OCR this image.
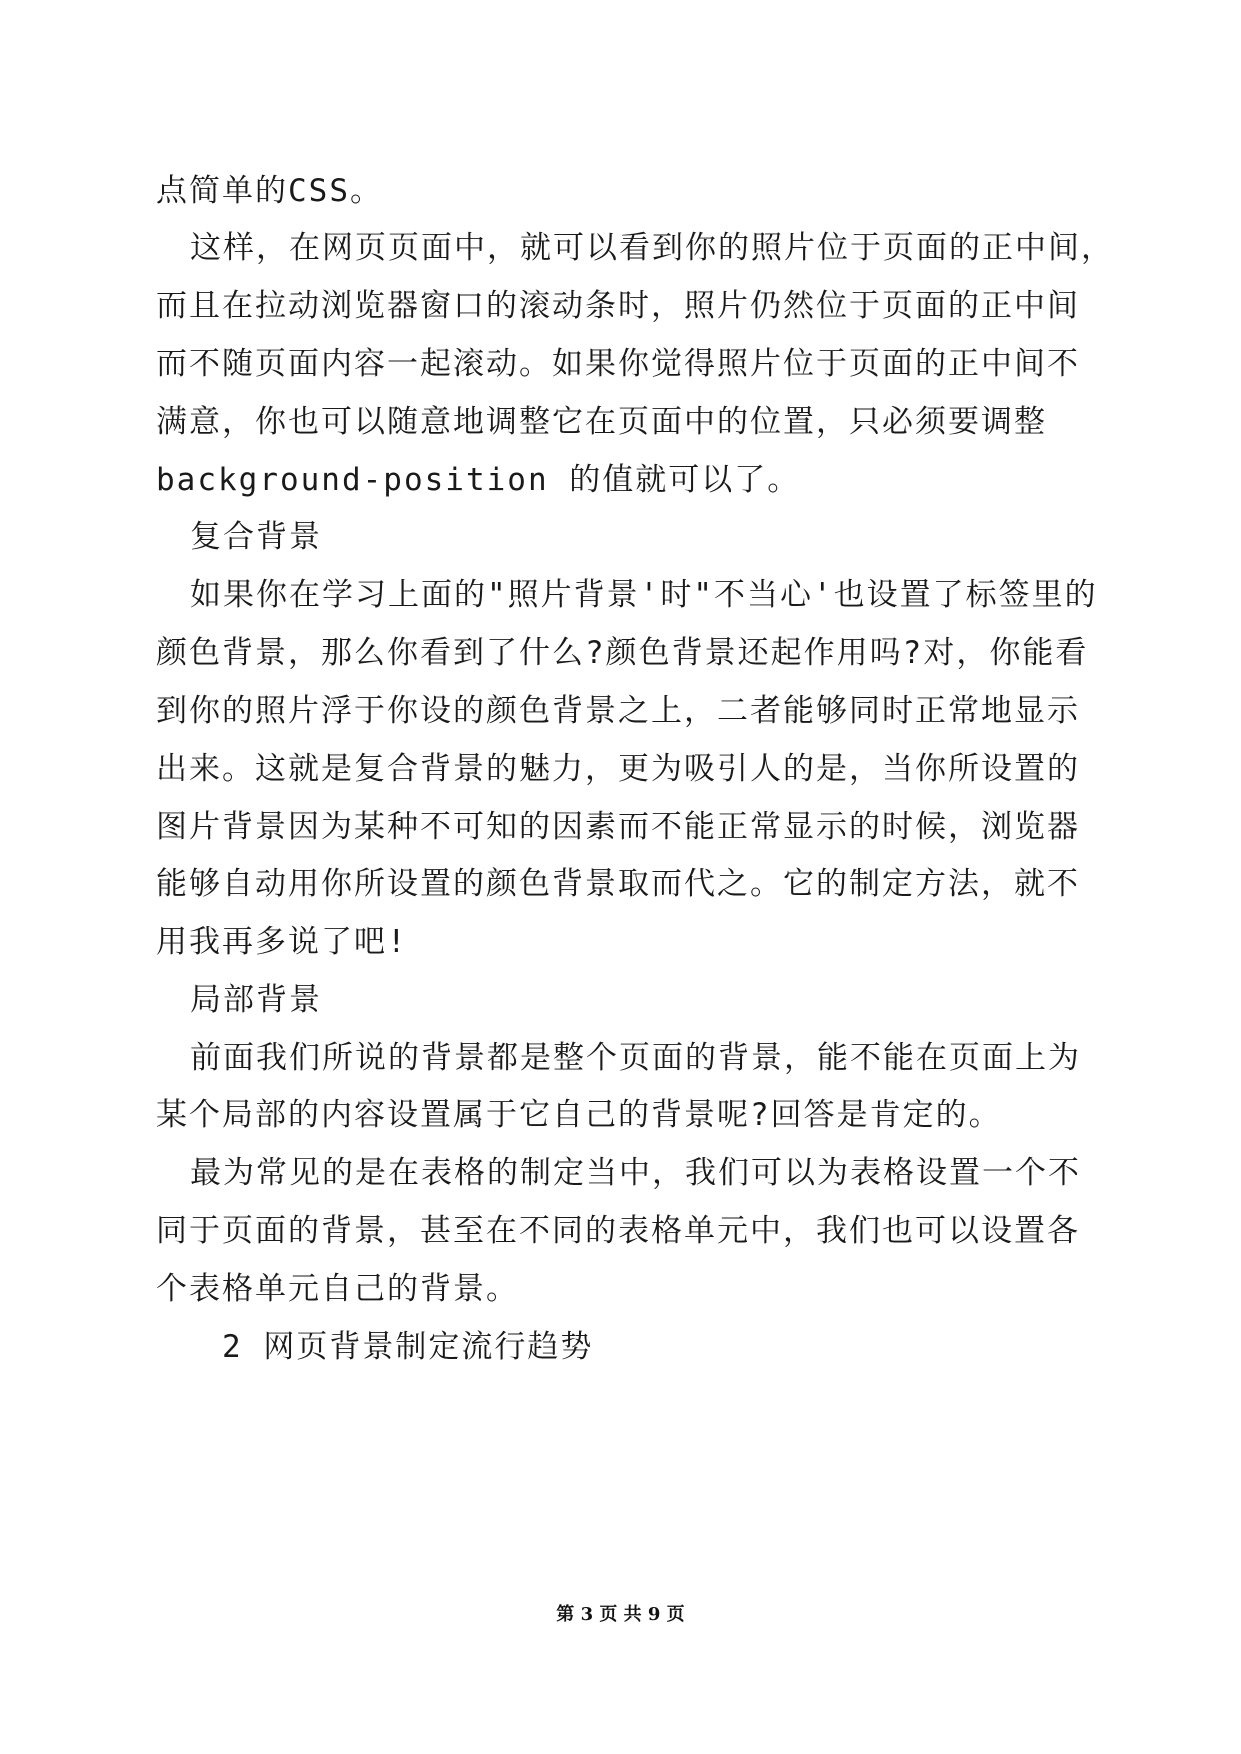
点简单的CSS。

这样，在网页页面中，就可以看到你的照片位于页面的正中间，

而且在拉动浏览器窗口的滚动条时，照片仍然位于页面的正中间

而不随页面内容一起滚动。如果你觉得照片位于页面的正中间不

满意，你也可以随意地调整它在页面中的位置，只必须要调整

background-position 的值就可以了。

复合背景

如果你在学习上面的"照片背景'时"不当心'也设置了标签里的

颜色背景，那么你看到了什么?颜色背景还起作用吗?对，你能看

到你的照片浮于你设的颜色背景之上，二者能够同时正常地显示

出来。这就是复合背景的魅力，更为吸引人的是，当你所设置的

图片背景因为某种不可知的因素而不能正常显示的时候，浏览器

能够自动用你所设置的颜色背景取而代之。它的制定方法，就不

用我再多说了吧!

局部背景

前面我们所说的背景都是整个页面的背景，能不能在页面上为

某个局部的内容设置属于它自己的背景呢?回答是肯定的。

最为常见的是在表格的制定当中，我们可以为表格设置一个不

同于页面的背景，甚至在不同的表格单元中，我们也可以设置各

个表格单元自己的背景。

2 网页背景制定流行趋势

第 3 页 共 9 页
